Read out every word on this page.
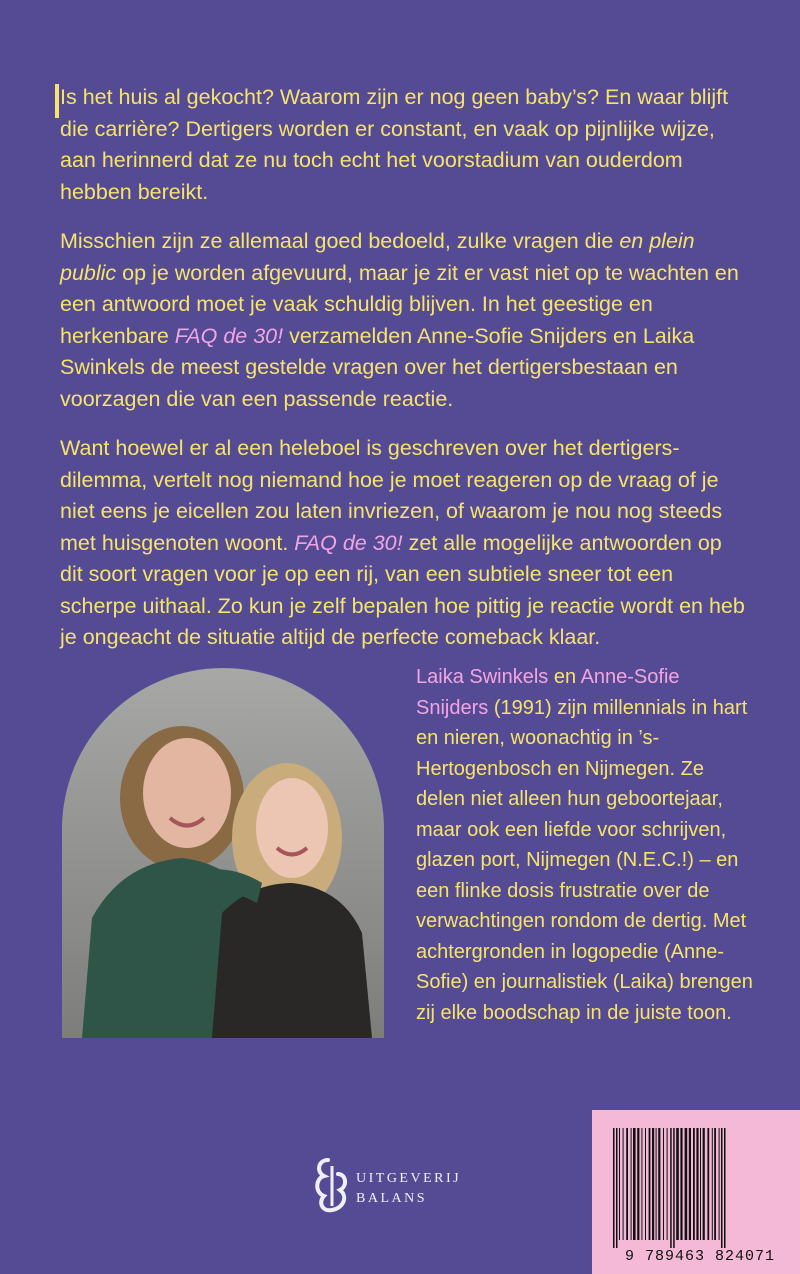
Is het huis al gekocht? Waarom zijn er nog geen baby’s? En waar blijft die carrière? Dertigers worden er constant, en vaak op pijnlijke wijze, aan herinnerd dat ze nu toch echt het voorstadium van ouderdom hebben bereikt.

Misschien zijn ze allemaal goed bedoeld, zulke vragen die en plein public op je worden afgevuurd, maar je zit er vast niet op te wachten en een antwoord moet je vaak schuldig blijven. In het geestige en herkenbare FAQ de 30! verzamelden Anne-Sofie Snijders en Laika Swinkels de meest gestelde vragen over het dertigersbestaan en voorzagen die van een passende reactie.

Want hoewel er al een heleboel is geschreven over het dertigersdilemma, vertelt nog niemand hoe je moet reageren op de vraag of je niet eens je eicellen zou laten invriezen, of waarom je nou nog steeds met huisgenoten woont. FAQ de 30! zet alle mogelijke antwoorden op dit soort vragen voor je op een rij, van een subtiele sneer tot een scherpe uithaal. Zo kun je zelf bepalen hoe pittig je reactie wordt en heb je ongeacht de situatie altijd de perfecte comeback klaar.

Laika Swinkels en Anne-Sofie Snijders (1991) zijn millennials in hart en nieren, woonachtig in ’s-Hertogenbosch en Nijmegen. Ze delen niet alleen hun geboortejaar, maar ook een liefde voor schrijven, glazen port, Nijmegen (N.E.C.!) – en een flinke dosis frustratie over de verwachtingen rondom de dertig. Met achtergronden in logopedie (Anne-Sofie) en journalistiek (Laika) brengen zij elke boodschap in de juiste toon.
UITGEVERIJ
BALANS
9 789463 824071
